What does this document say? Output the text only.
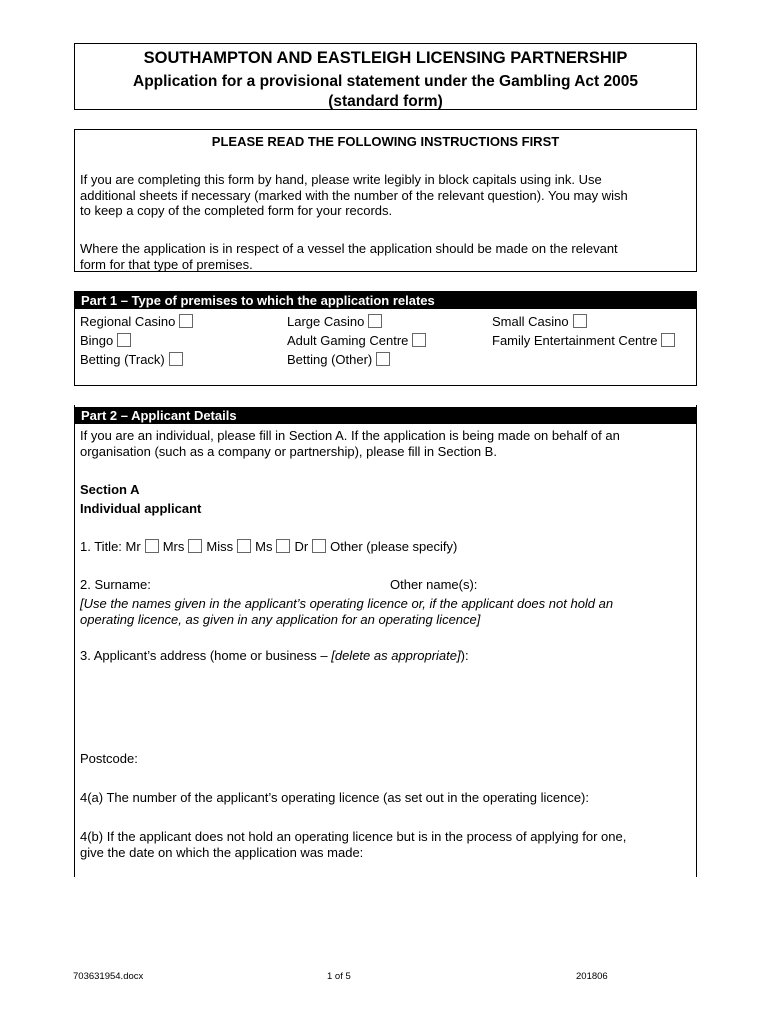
SOUTHAMPTON AND EASTLEIGH LICENSING PARTNERSHIP
Application for a provisional statement under the Gambling Act 2005
(standard form)
PLEASE READ THE FOLLOWING INSTRUCTIONS FIRST
If you are completing this form by hand, please write legibly in block capitals using ink. Use
additional sheets if necessary (marked with the number of the relevant question). You may wish
to keep a copy of the completed form for your records.
Where the application is in respect of a vessel the application should be made on the relevant
form for that type of premises.
Part 1 – Type of premises to which the application relates
Regional Casino	Large Casino	Small Casino
Bingo	Adult Gaming Centre	Family Entertainment Centre
Betting (Track)	Betting (Other)
Part 2 – Applicant Details
If you are an individual, please fill in Section A. If the application is being made on behalf of an
organisation (such as a company or partnership), please fill in Section B.
Section A
Individual applicant
1. Title: Mr Mrs Miss Ms Dr Other (please specify)
2. Surname:	Other name(s):
[Use the names given in the applicant’s operating licence or, if the applicant does not hold an
operating licence, as given in any application for an operating licence]
3. Applicant’s address (home or business – [delete as appropriate]):
Postcode:
4(a) The number of the applicant’s operating licence (as set out in the operating licence):
4(b) If the applicant does not hold an operating licence but is in the process of applying for one,
give the date on which the application was made:
703631954.docx	1 of 5	201806
